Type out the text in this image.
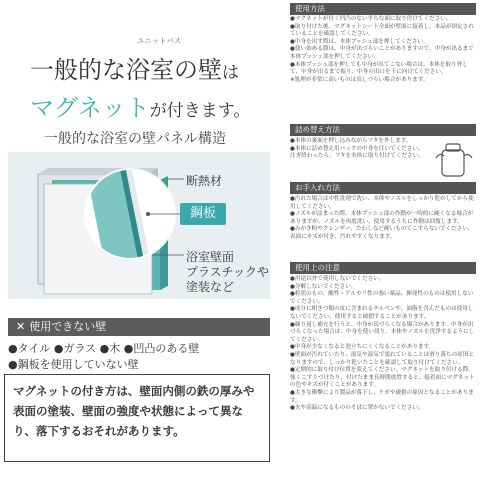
ユニットバス
一般的な浴室の壁は
マグネットが付きます。
一般的な浴室の壁パネル構造
断熱材
鋼板
浴室壁面
プラスチックや
塗装など
✕ 使用できない壁
●タイル ●ガラス ●木 ●凹凸のある壁
●鋼板を使用していない壁
マグネットの付き方は、壁面内側の鉄の厚みや表面の塗装、壁面の強度や状態によって異なり、落下するおそれがあります。
使用方法

●マグネットが付く凹凸のない平らな面に取り付けてください。

●取り付けた後、マグネットシート全面が壁面に接着し、本品が固定されていることを確認してください。

●中身を出す際は、本体プッシュ部を押してください。

●使い始める際は、中身が出づらいことがありますので、中身が出るまで本体プッシュ部を押してください。

●本体プッシュ部を押しても中身が出てこない場合は、本体を取り外して、中身が出るまで振り、中身の出口を下に向けてください。

※処理が非常に高いものは出しづらい場合があります。

詰め替え方法

●本体の裏面を押し込みながらフタを外します。

●本体に詰め替え用パックの中身を注いでください。注ぎ終わったら、フタを本体に取り付けてください。

お手入れ方法

●汚れた場合は中性洗剤で洗い、本体やノズルをしっかり乾かしてから使用してください。

●ノズルが詰まった際、本体プッシュ部の作動が一時的に硬くなる場合がありますが、ノズルを再度洗い、使用するうちに作動は回復します。

●みがき粉やクレンザー、たわしなど硬いものでこすらないでください。表面にキズが付き、汚れやすくなります。

使用上の注意

●用途以外で使用しないでください。

●分解しないでください。

●粒状のもの、酸性・アルカリ性の強い薬品、揮発性のものは使用しないでください。

●成分に柑きつ類の皮に含まれるテルペンや、油脂を含んだものは使用しないでください。使用すると破損することがあります。

●繰り返し補充を行うと、中身が出づらくなる場合があります。中身が出づらくなった場合は、中身を使い切り、本体やノズルを洗浄するようにしてください。

●中身が少なくなると泡立ちにくくなることがあります。

●壁面が汚れていたり、湿気や湿気で濡れていることは滑り落ちの原因となりますので、しっかり乾いたことを確認して取り付けてください。

●定期的に取り付け位置を変えてください。マグネットを取り付ける際、強くこすりつけたり、付けたまま長時間放置すると、接着面にマグネットの色やキズが付くことがあります。

●大きな衝撃により製品が落下し、ケガや破損の原因となることがあります。

●火や高温になるもののそばに置かないでください。
